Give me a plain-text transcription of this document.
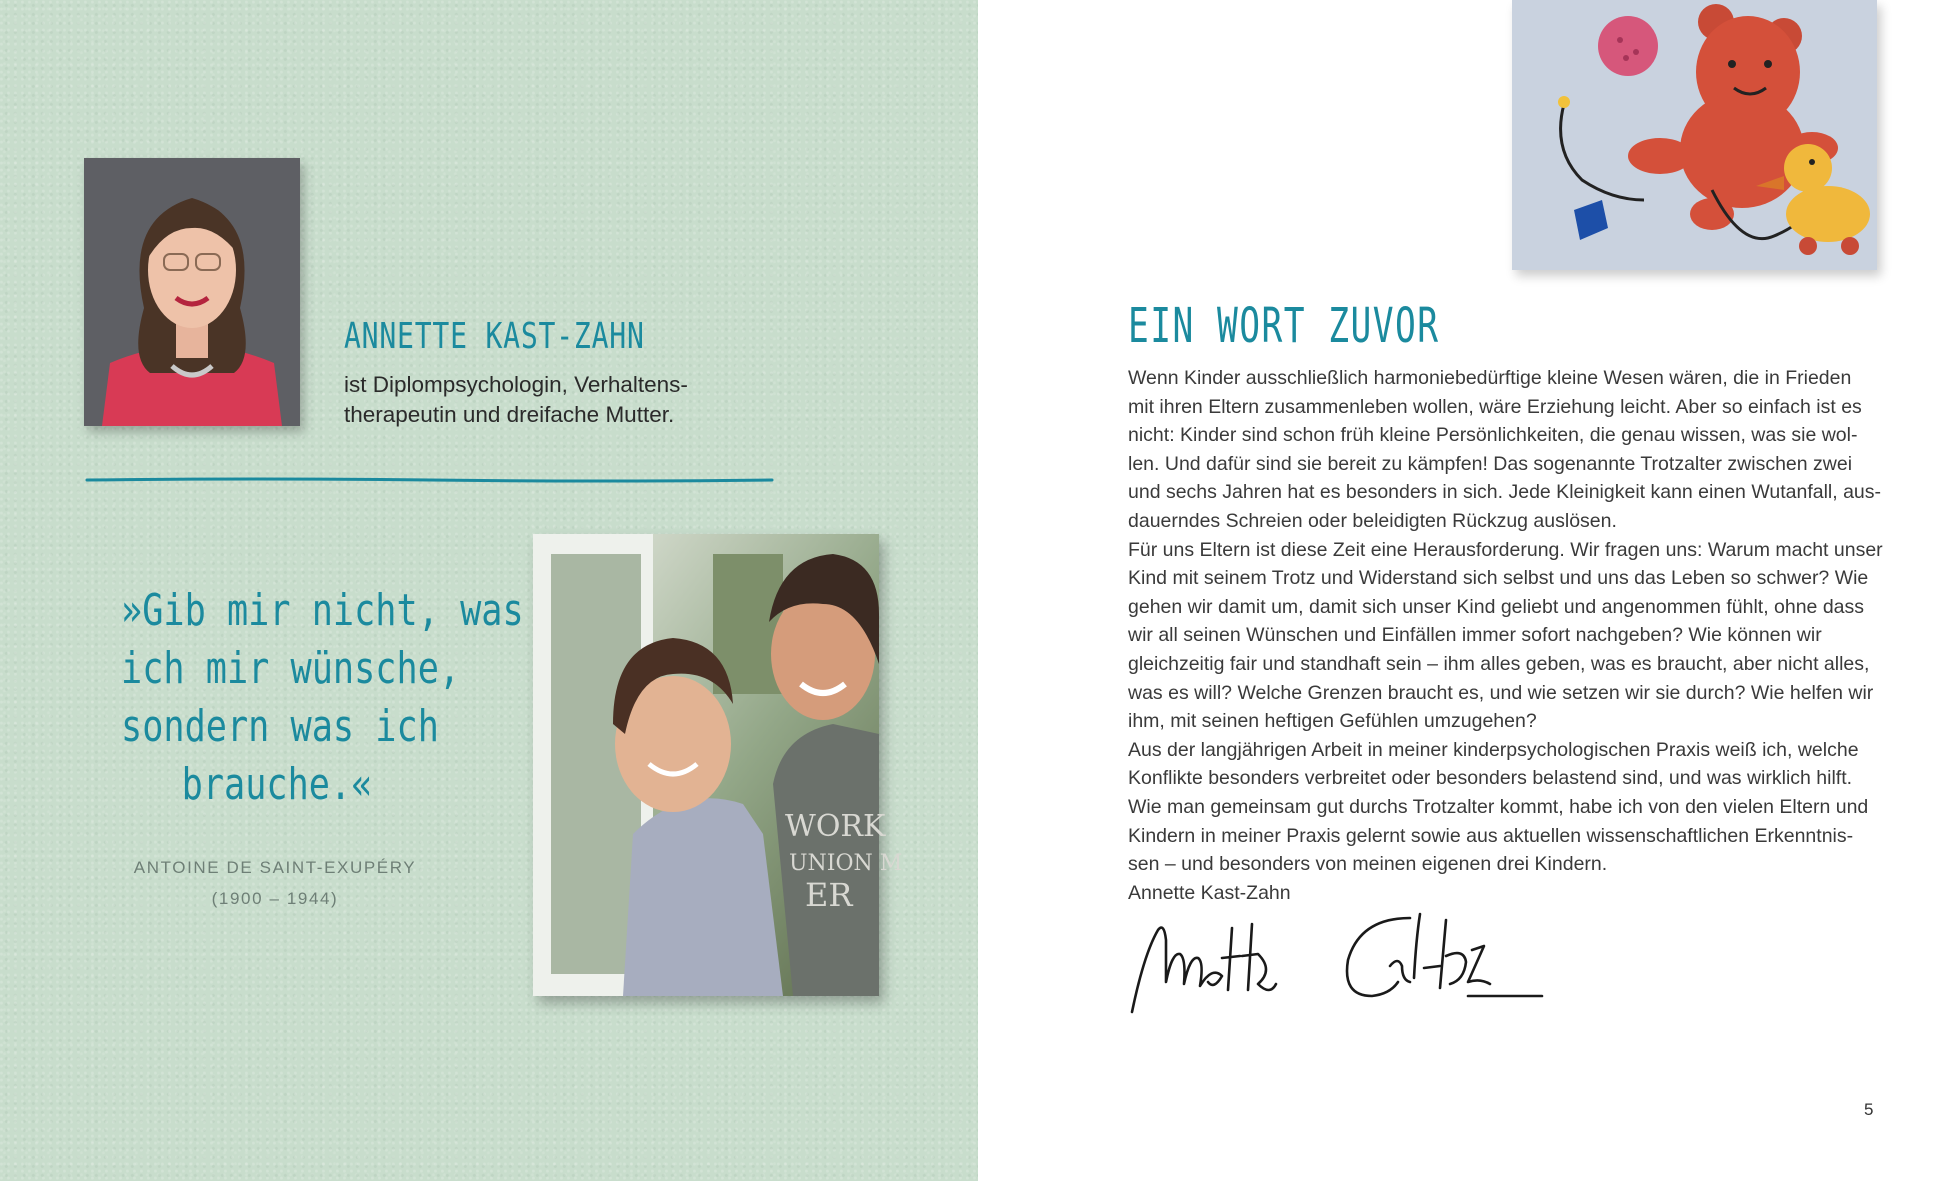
ANNETTE KAST-ZAHN
ist Diplompsychologin, Verhaltens-
therapeutin und dreifache Mutter.
»Gib mir nicht, was
ich mir wünsche,
sondern was ich
brauche.«
ANTOINE DE SAINT-EXUPÉRY
(1900 – 1944)
WORK
UNION M
ER
EIN WORT ZUVOR
Wenn Kinder ausschließlich harmoniebedürftige kleine Wesen wären, die in Frieden
mit ihren Eltern zusammenleben wollen, wäre Erziehung leicht. Aber so einfach ist es
nicht: Kinder sind schon früh kleine Persönlichkeiten, die genau wissen, was sie wol-
len. Und dafür sind sie bereit zu kämpfen! Das sogenannte Trotzalter zwischen zwei
und sechs Jahren hat es besonders in sich. Jede Kleinigkeit kann einen Wutanfall, aus-
dauerndes Schreien oder beleidigten Rückzug auslösen.
Für uns Eltern ist diese Zeit eine Herausforderung. Wir fragen uns: Warum macht unser
Kind mit seinem Trotz und Widerstand sich selbst und uns das Leben so schwer? Wie
gehen wir damit um, damit sich unser Kind geliebt und angenommen fühlt, ohne dass
wir all seinen Wünschen und Einfällen immer sofort nachgeben? Wie können wir
gleichzeitig fair und standhaft sein – ihm alles geben, was es braucht, aber nicht alles,
was es will? Welche Grenzen braucht es, und wie setzen wir sie durch? Wie helfen wir
ihm, mit seinen heftigen Gefühlen umzugehen?
Aus der langjährigen Arbeit in meiner kinderpsychologischen Praxis weiß ich, welche
Konflikte besonders verbreitet oder besonders belastend sind, und was wirklich hilft.
Wie man gemeinsam gut durchs Trotzalter kommt, habe ich von den vielen Eltern und
Kindern in meiner Praxis gelernt sowie aus aktuellen wissenschaftlichen Erkenntnis-
sen – und besonders von meinen eigenen drei Kindern.
Annette Kast-Zahn
5
